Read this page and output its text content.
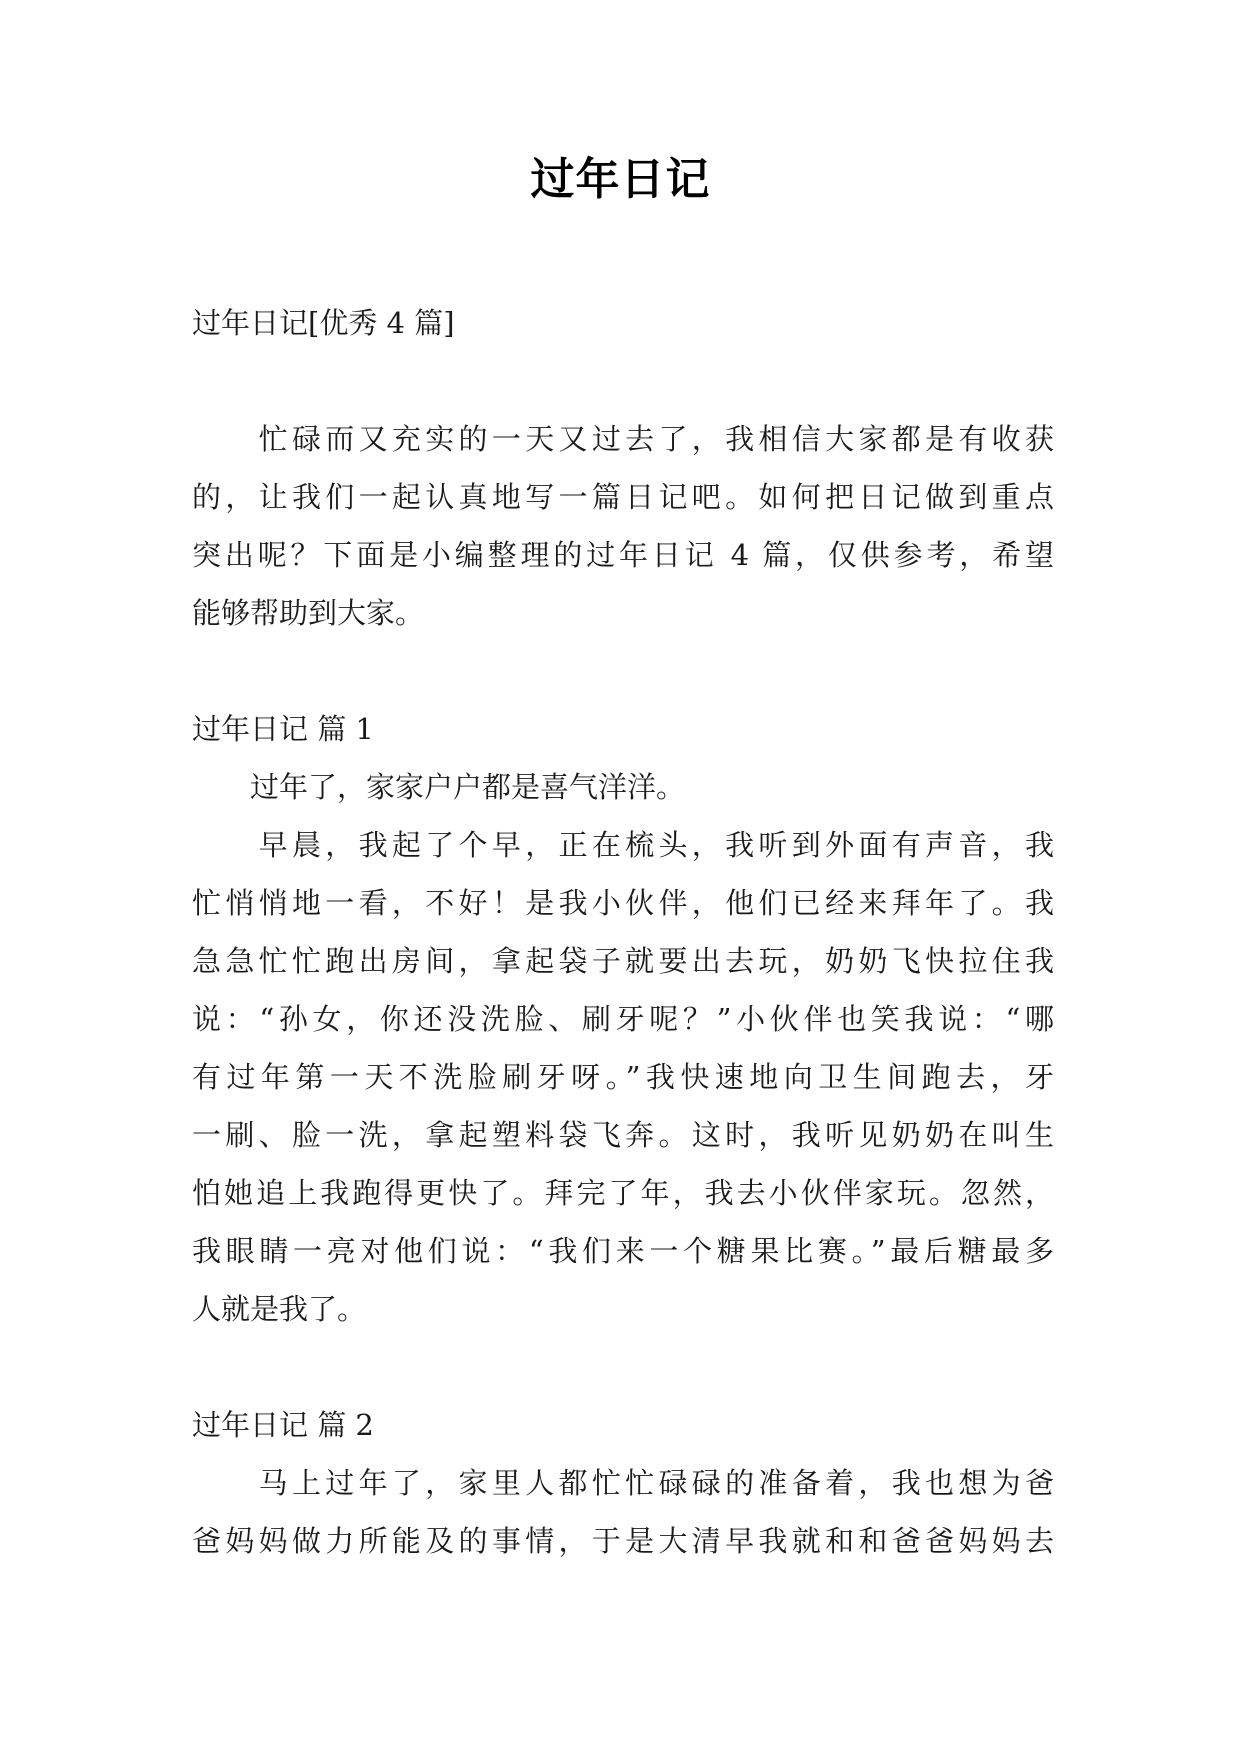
过年日记
过年日记[优秀 4 篇]
　　忙碌而又充实的一天又过去了，我相信大家都是有收获
的，让我们一起认真地写一篇日记吧。如何把日记做到重点
突出呢？下面是小编整理的过年日记 4 篇，仅供参考，希望
能够帮助到大家。
过年日记 篇 1
　　过年了，家家户户都是喜气洋洋。
　　早晨，我起了个早，正在梳头，我听到外面有声音，我
忙悄悄地一看，不好！是我小伙伴，他们已经来拜年了。我
急急忙忙跑出房间，拿起袋子就要出去玩，奶奶飞快拉住我
说：“孙女，你还没洗脸、刷牙呢？”小伙伴也笑我说：“哪
有过年第一天不洗脸刷牙呀。”我快速地向卫生间跑去，牙
一刷、脸一洗，拿起塑料袋飞奔。这时，我听见奶奶在叫生
怕她追上我跑得更快了。拜完了年，我去小伙伴家玩。忽然，
我眼睛一亮对他们说：“我们来一个糖果比赛。”最后糖最多
人就是我了。
过年日记 篇 2
　　马上过年了，家里人都忙忙碌碌的准备着，我也想为爸
爸妈妈做力所能及的事情，于是大清早我就和和爸爸妈妈去
